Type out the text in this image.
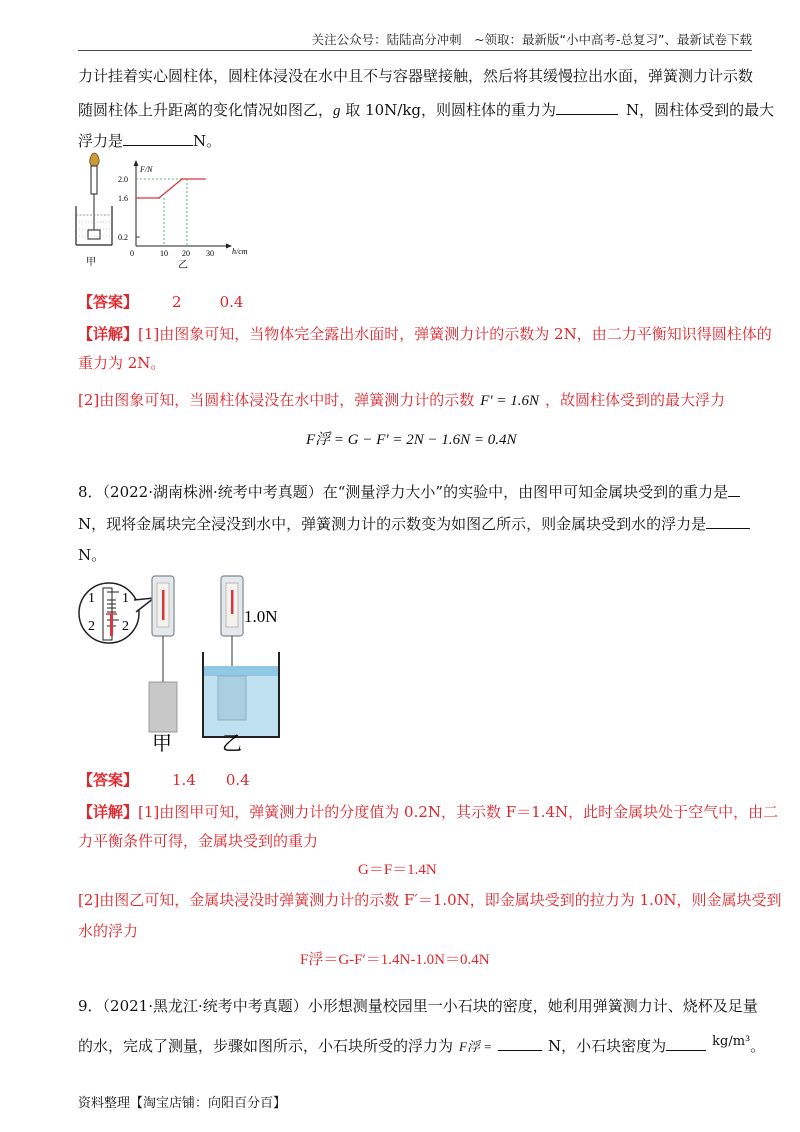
关注公众号：陆陆高分冲刺　~领取：最新版“小中高考-总复习”、最新试卷下载
力计挂着实心圆柱体，圆柱体浸没在水中且不与容器壁接触，然后将其缓慢拉出水面，弹簧测力计示数
随圆柱体上升距离的变化情况如图乙，g 取 10N/kg，则圆柱体的重力为	N，圆柱体受到的最大
浮力是	N。
甲
F/N
h/cm
0	10 20 30
0.2
1.6
2.0
乙
【答案】 2	0.4
【详解】[1]由图象可知，当物体完全露出水面时，弹簧测力计的示数为 2N，由二力平衡知识得圆柱体的
重力为 2N。
[2]由图象可知，当圆柱体浸没在水中时，弹簧测力计的示数 F' = 1.6N ，故圆柱体受到的最大浮力
F浮 = G − F' = 2N − 1.6N = 0.4N
8．（2022·湖南株洲·统考中考真题）在“测量浮力大小”的实验中，由图甲可知金属块受到的重力是
N，现将金属块完全浸没到水中，弹簧测力计的示数变为如图乙所示，则金属块受到水的浮力是
N。
1 1
2 2
甲
1.0N
乙
【答案】 1.4 0.4
【详解】[1]由图甲可知，弹簧测力计的分度值为 0.2N，其示数 F＝1.4N，此时金属块处于空气中，由二
力平衡条件可得，金属块受到的重力
G＝F＝1.4N
[2]由图乙可知，金属块浸没时弹簧测力计的示数 F′＝1.0N，即金属块受到的拉力为 1.0N，则金属块受到
水的浮力
F浮＝G-F′＝1.4N-1.0N＝0.4N
9．（2021·黑龙江·统考中考真题）小形想测量校园里一小石块的密度，她利用弹簧测力计、烧杯及足量
的水，完成了测量，步骤如图所示，小石块所受的浮力为 F浮 =	N，小石块密度为	kg/m³。
资料整理【淘宝店铺：向阳百分百】
